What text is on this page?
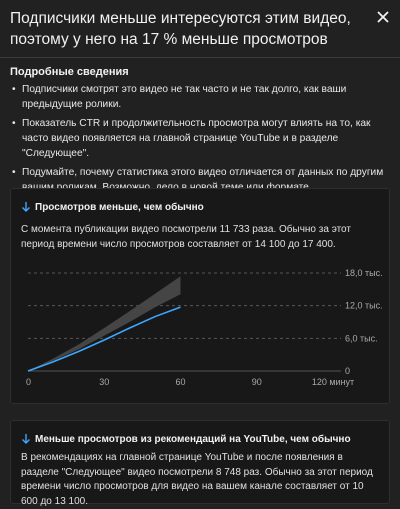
Подписчики меньше интересуются этим видео, поэтому у него на 17 % меньше просмотров
Подробные сведения
• Подписчики смотрят это видео не так часто и не так долго, как ваши предыдущие ролики.
• Показатель CTR и продолжительность просмотра могут влиять на то, как часто видео появляется на главной странице YouTube и в разделе "Следующее".
• Подумайте, почему статистика этого видео отличается от данных по другим
Просмотров меньше, чем обычно
С момента публикации видео посмотрели 11 733 раза. Обычно за этот период времени число просмотров составляет от 14 100 до 17 400.
0
6,0 тыс.
12,0 тыс.
18,0 тыс.
0	30	60	90	120 минут
Меньше просмотров из рекомендаций на YouTube, чем обычно
В рекомендациях на главной странице YouTube и после появления в разделе "Следующее" видео посмотрели 8 748 раз. Обычно за этот период времени число просмотров для видео на вашем канале составляет от 10 600 до 13 100.
